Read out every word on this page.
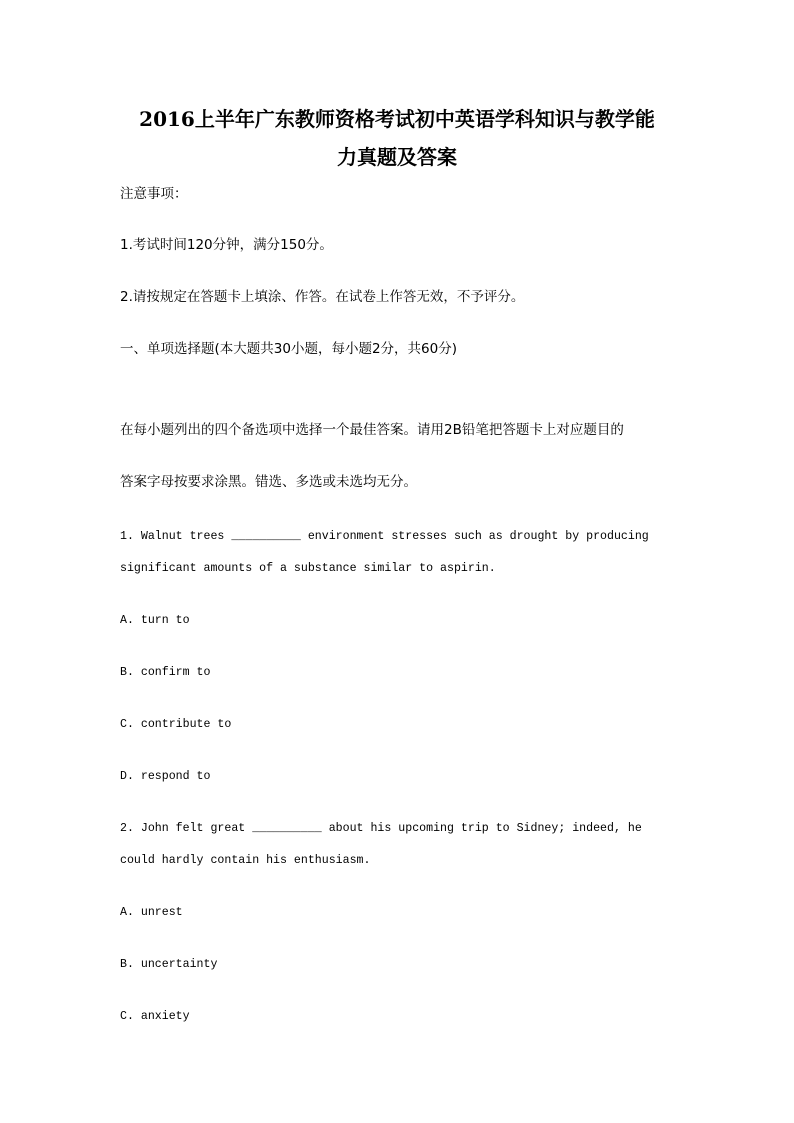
2016上半年广东教师资格考试初中英语学科知识与教学能
力真题及答案
注意事项：
1.考试时间120分钟，满分150分。
2.请按规定在答题卡上填涂、作答。在试卷上作答无效，不予评分。
一、单项选择题(本大题共30小题，每小题2分，共60分)
在每小题列出的四个备选项中选择一个最佳答案。请用2B铅笔把答题卡上对应题目的
答案字母按要求涂黑。错选、多选或未选均无分。
1. Walnut trees __________ environment stresses such as drought by producing
significant amounts of a substance similar to aspirin.
A. turn to
B. confirm to
C. contribute to
D. respond to
2. John felt great __________ about his upcoming trip to Sidney; indeed, he
could hardly contain his enthusiasm.
A. unrest
B. uncertainty
C. anxiety
